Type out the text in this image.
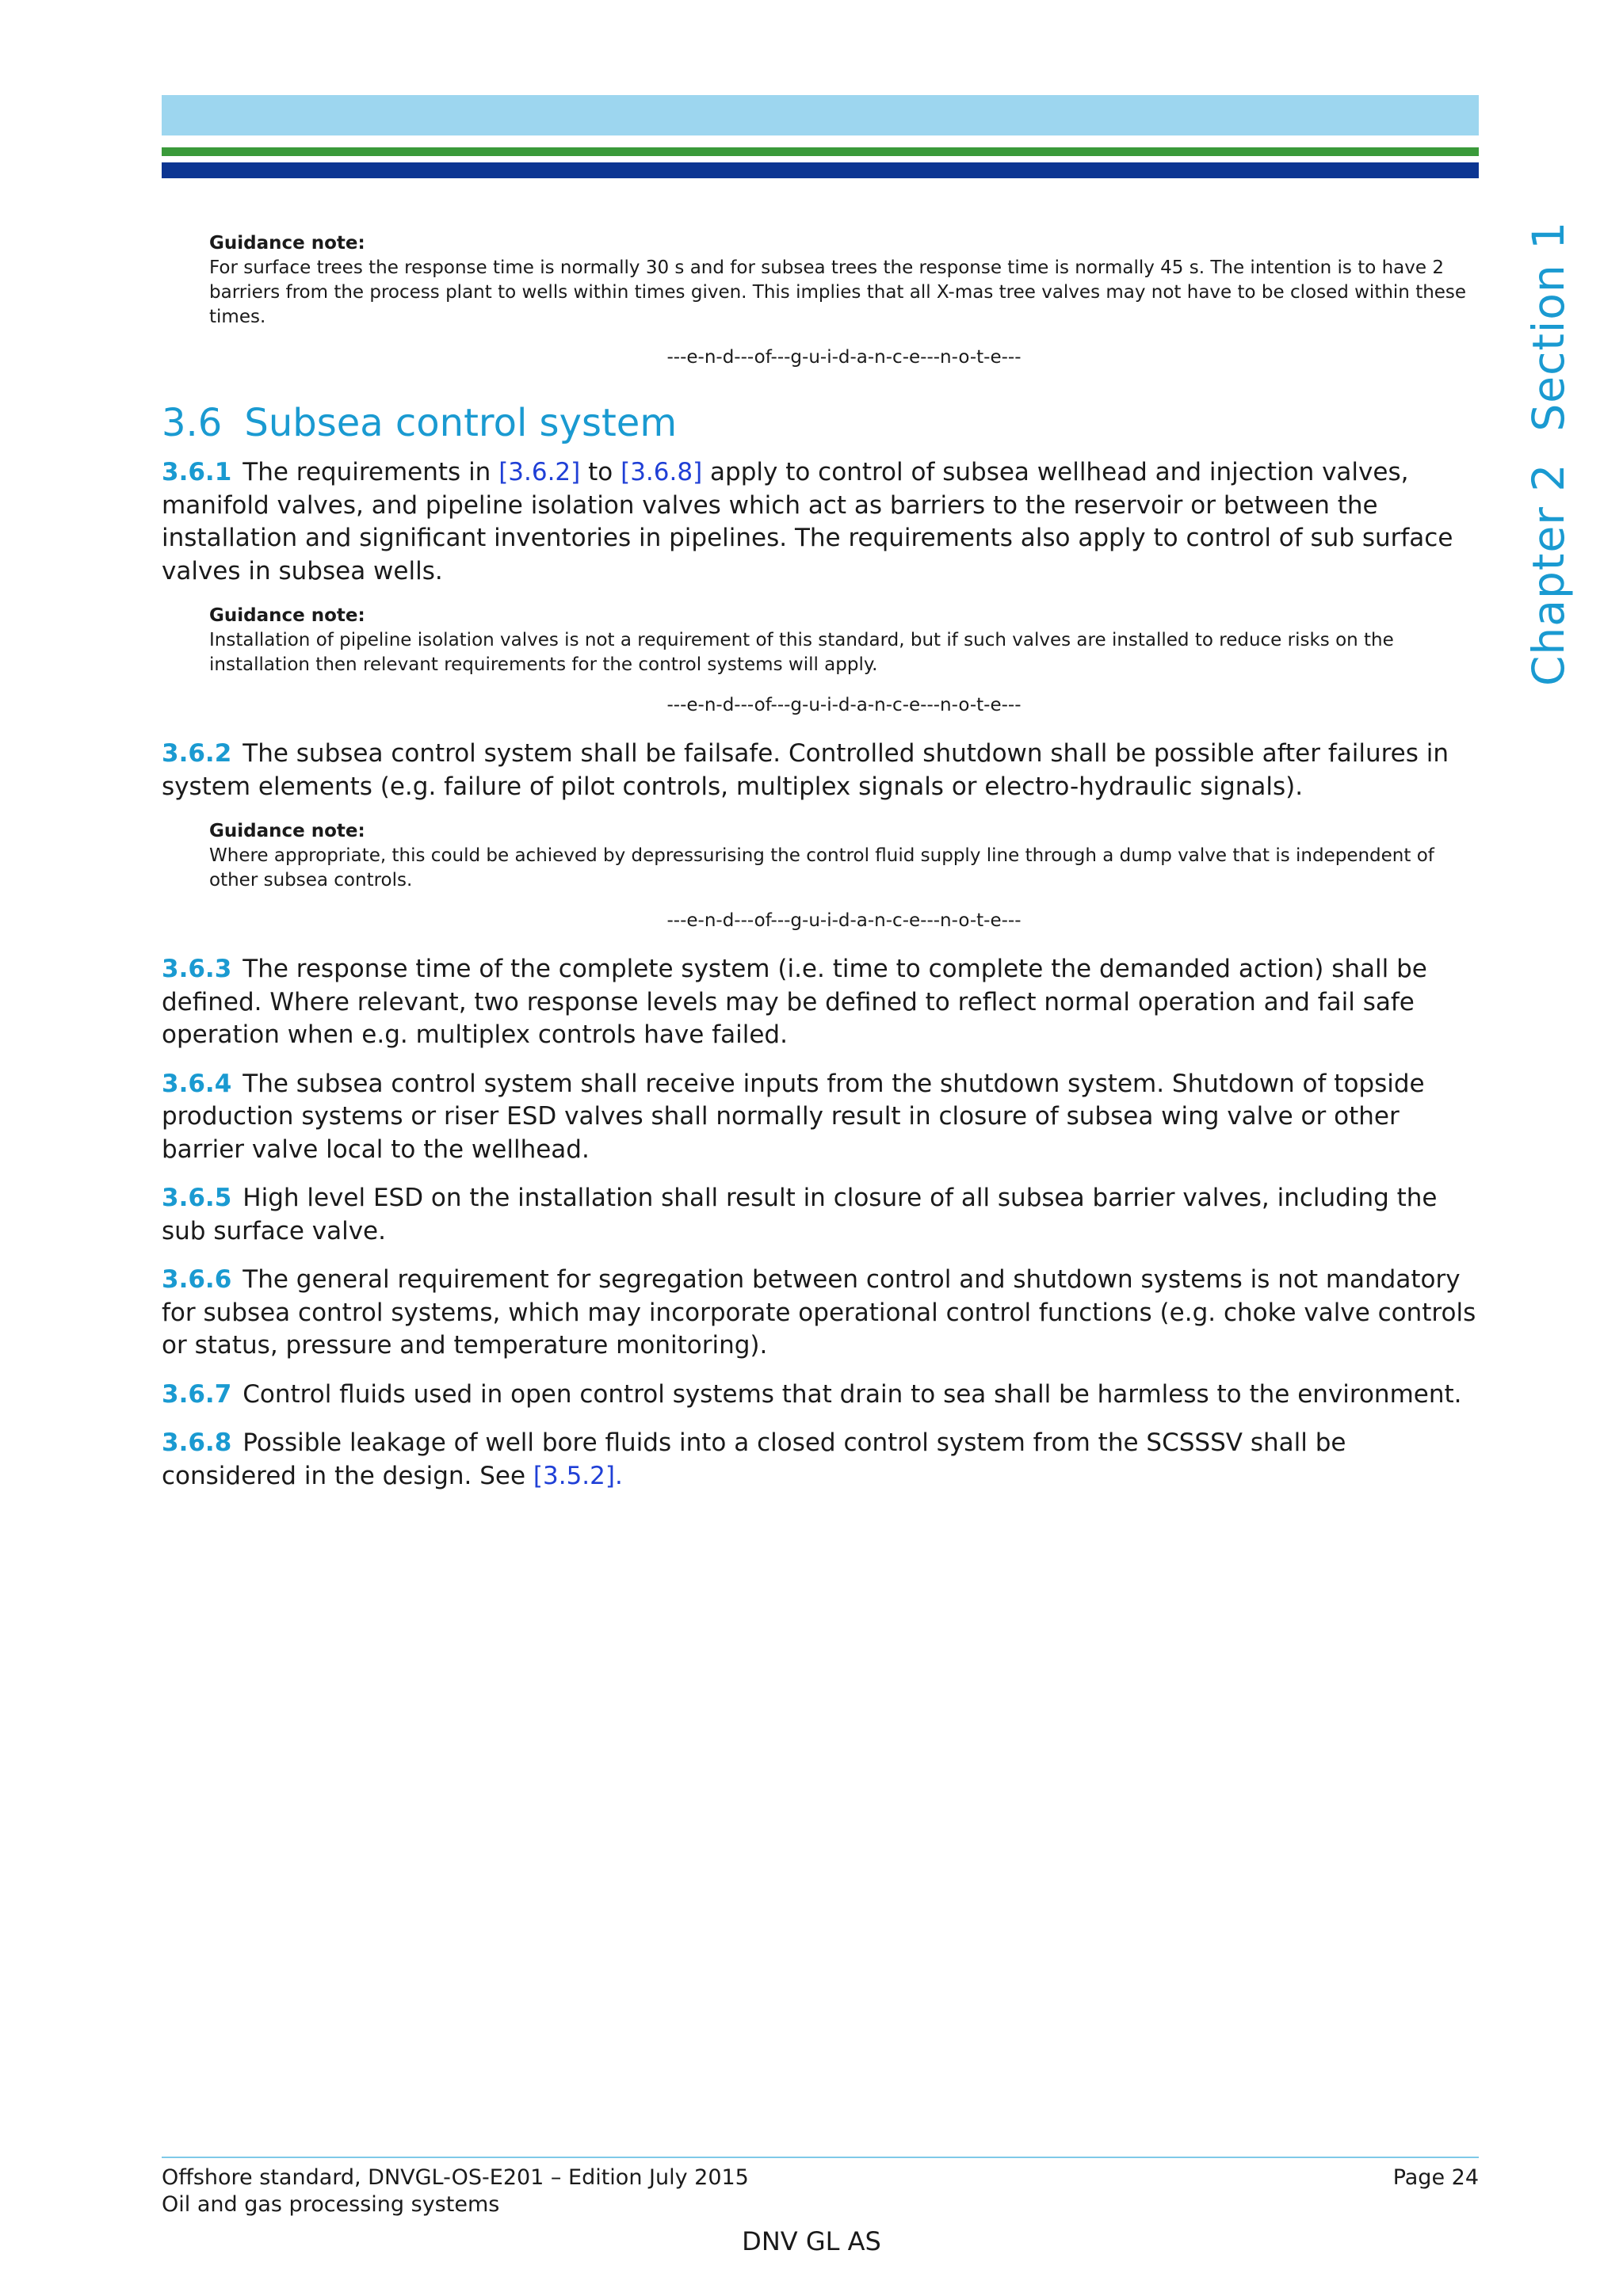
Chapter 2Section 1
Guidance note:
For surface trees the response time is normally 30 s and for subsea trees the response time is normally 45 s. The intention is to have 2 barriers from the process plant to wells within times given. This implies that all X-mas tree valves may not have to be closed within these times.
---e-n-d---of---g-u-i-d-a-n-c-e---n-o-t-e---
3.6 Subsea control system

3.6.1 The requirements in [3.6.2] to [3.6.8] apply to control of subsea wellhead and injection valves, manifold valves, and pipeline isolation valves which act as barriers to the reservoir or between the installation and significant inventories in pipelines. The requirements also apply to control of sub surface valves in subsea wells.

Guidance note:
Installation of pipeline isolation valves is not a requirement of this standard, but if such valves are installed to reduce risks on the installation then relevant requirements for the control systems will apply.
---e-n-d---of---g-u-i-d-a-n-c-e---n-o-t-e---

3.6.2 The subsea control system shall be failsafe. Controlled shutdown shall be possible after failures in system elements (e.g. failure of pilot controls, multiplex signals or electro-hydraulic signals).

Guidance note:
Where appropriate, this could be achieved by depressurising the control fluid supply line through a dump valve that is independent of other subsea controls.
---e-n-d---of---g-u-i-d-a-n-c-e---n-o-t-e---

3.6.3 The response time of the complete system (i.e. time to complete the demanded action) shall be defined. Where relevant, two response levels may be defined to reflect normal operation and fail safe operation when e.g. multiplex controls have failed.

3.6.4 The subsea control system shall receive inputs from the shutdown system. Shutdown of topside production systems or riser ESD valves shall normally result in closure of subsea wing valve or other barrier valve local to the wellhead.

3.6.5 High level ESD on the installation shall result in closure of all subsea barrier valves, including the sub surface valve.

3.6.6 The general requirement for segregation between control and shutdown systems is not mandatory for subsea control systems, which may incorporate operational control functions (e.g. choke valve controls or status, pressure and temperature monitoring).

3.6.7 Control fluids used in open control systems that drain to sea shall be harmless to the environment.

3.6.8 Possible leakage of well bore fluids into a closed control system from the SCSSSV shall be considered in the design. See [3.5.2].

Offshore standard, DNVGL-OS-E201 – Edition July 2015
Oil and gas processing systems
Page 24
DNV GL AS
